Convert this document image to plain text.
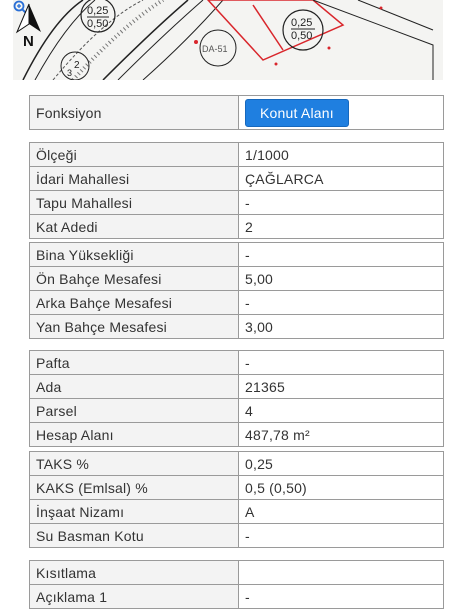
0,25
0,50	0,25
0,50
DA-51
2
3
N
Fonksiyon	Konut Alanı
Ölçeği	1/1000
İdari Mahallesi	ÇAĞLARCA
Tapu Mahallesi	-
Kat Adedi	2
Bina Yüksekliği	-
Ön Bahçe Mesafesi	5,00
Arka Bahçe Mesafesi	-
Yan Bahçe Mesafesi	3,00
Pafta	-
Ada	21365
Parsel	4
Hesap Alanı	487,78 m²
TAKS %	0,25
KAKS (Emlsal) %	0,5 (0,50)
İnşaat Nizamı	A
Su Basman Kotu	-
Kısıtlama	
Açıklama 1	-
